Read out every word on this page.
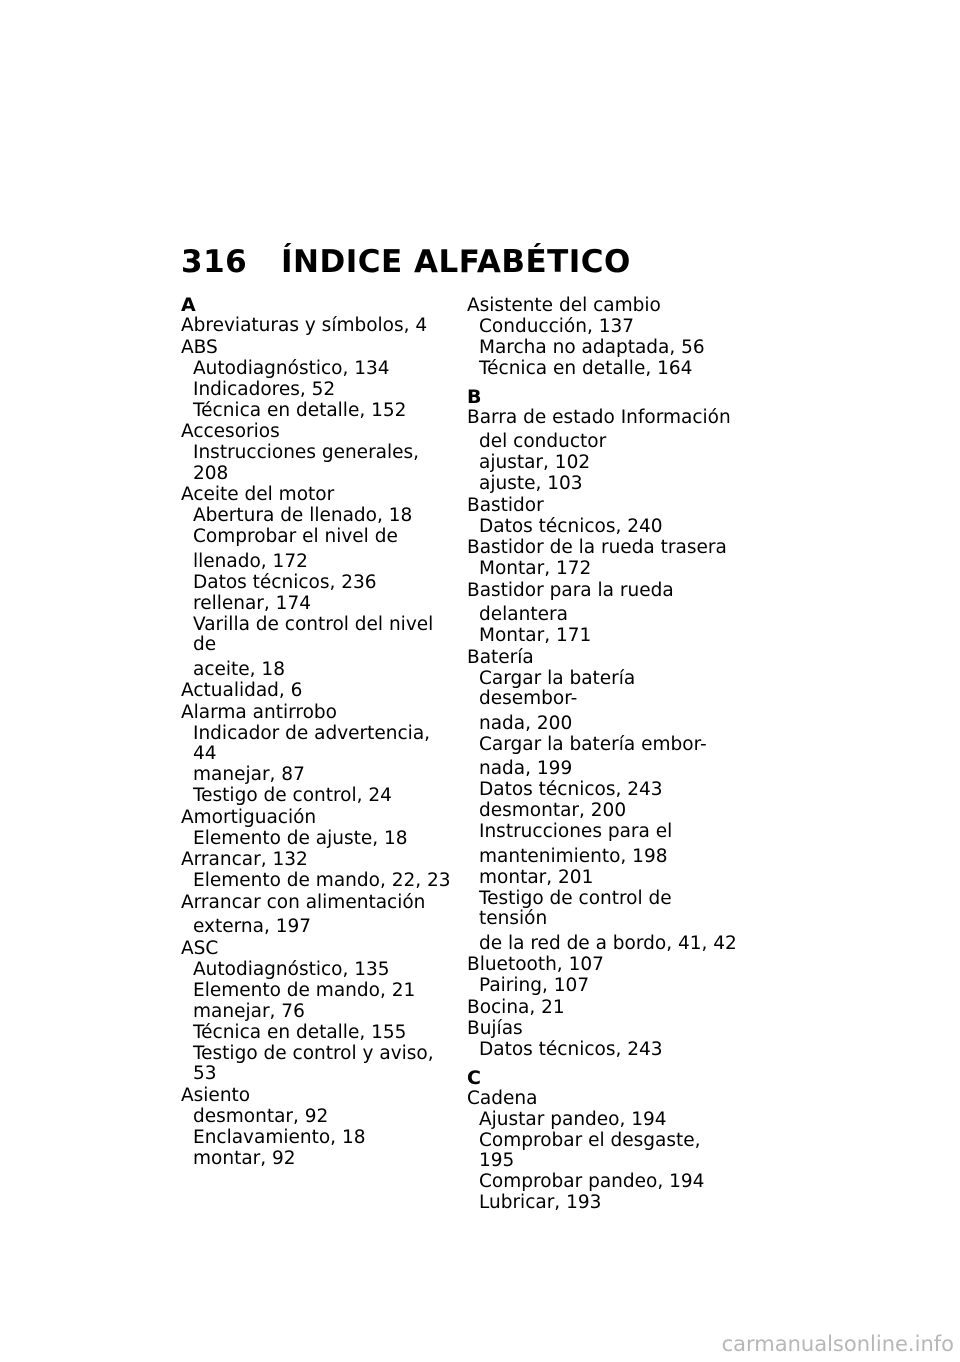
316 ÍNDICE ALFABÉTICO
A
Abreviaturas y símbolos, 4
ABS
Autodiagnóstico, 134
Indicadores, 52
Técnica en detalle, 152
Accesorios
Instrucciones generales, 208
Aceite del motor
Abertura de llenado, 18
Comprobar el nivel de
llenado, 172
Datos técnicos, 236
rellenar, 174
Varilla de control del nivel de
aceite, 18
Actualidad, 6
Alarma antirrobo
Indicador de advertencia, 44
manejar, 87
Testigo de control, 24
Amortiguación
Elemento de ajuste, 18
Arrancar, 132
Elemento de mando, 22, 23
Arrancar con alimentación
externa, 197
ASC
Autodiagnóstico, 135
Elemento de mando, 21
manejar, 76
Técnica en detalle, 155
Testigo de control y aviso, 53
Asiento
desmontar, 92
Enclavamiento, 18
montar, 92
Asistente del cambio
Conducción, 137
Marcha no adaptada, 56
Técnica en detalle, 164
B
Barra de estado Información
del conductor
ajustar, 102
ajuste, 103
Bastidor
Datos técnicos, 240
Bastidor de la rueda trasera
Montar, 172
Bastidor para la rueda
delantera
Montar, 171
Batería
Cargar la batería desembor-
nada, 200
Cargar la batería embor-
nada, 199
Datos técnicos, 243
desmontar, 200
Instrucciones para el
mantenimiento, 198
montar, 201
Testigo de control de tensión
de la red de a bordo, 41, 42
Bluetooth, 107
Pairing, 107
Bocina, 21
Bujías
Datos técnicos, 243
C
Cadena
Ajustar pandeo, 194
Comprobar el desgaste, 195
Comprobar pandeo, 194
Lubricar, 193
carmanualsonline.info
